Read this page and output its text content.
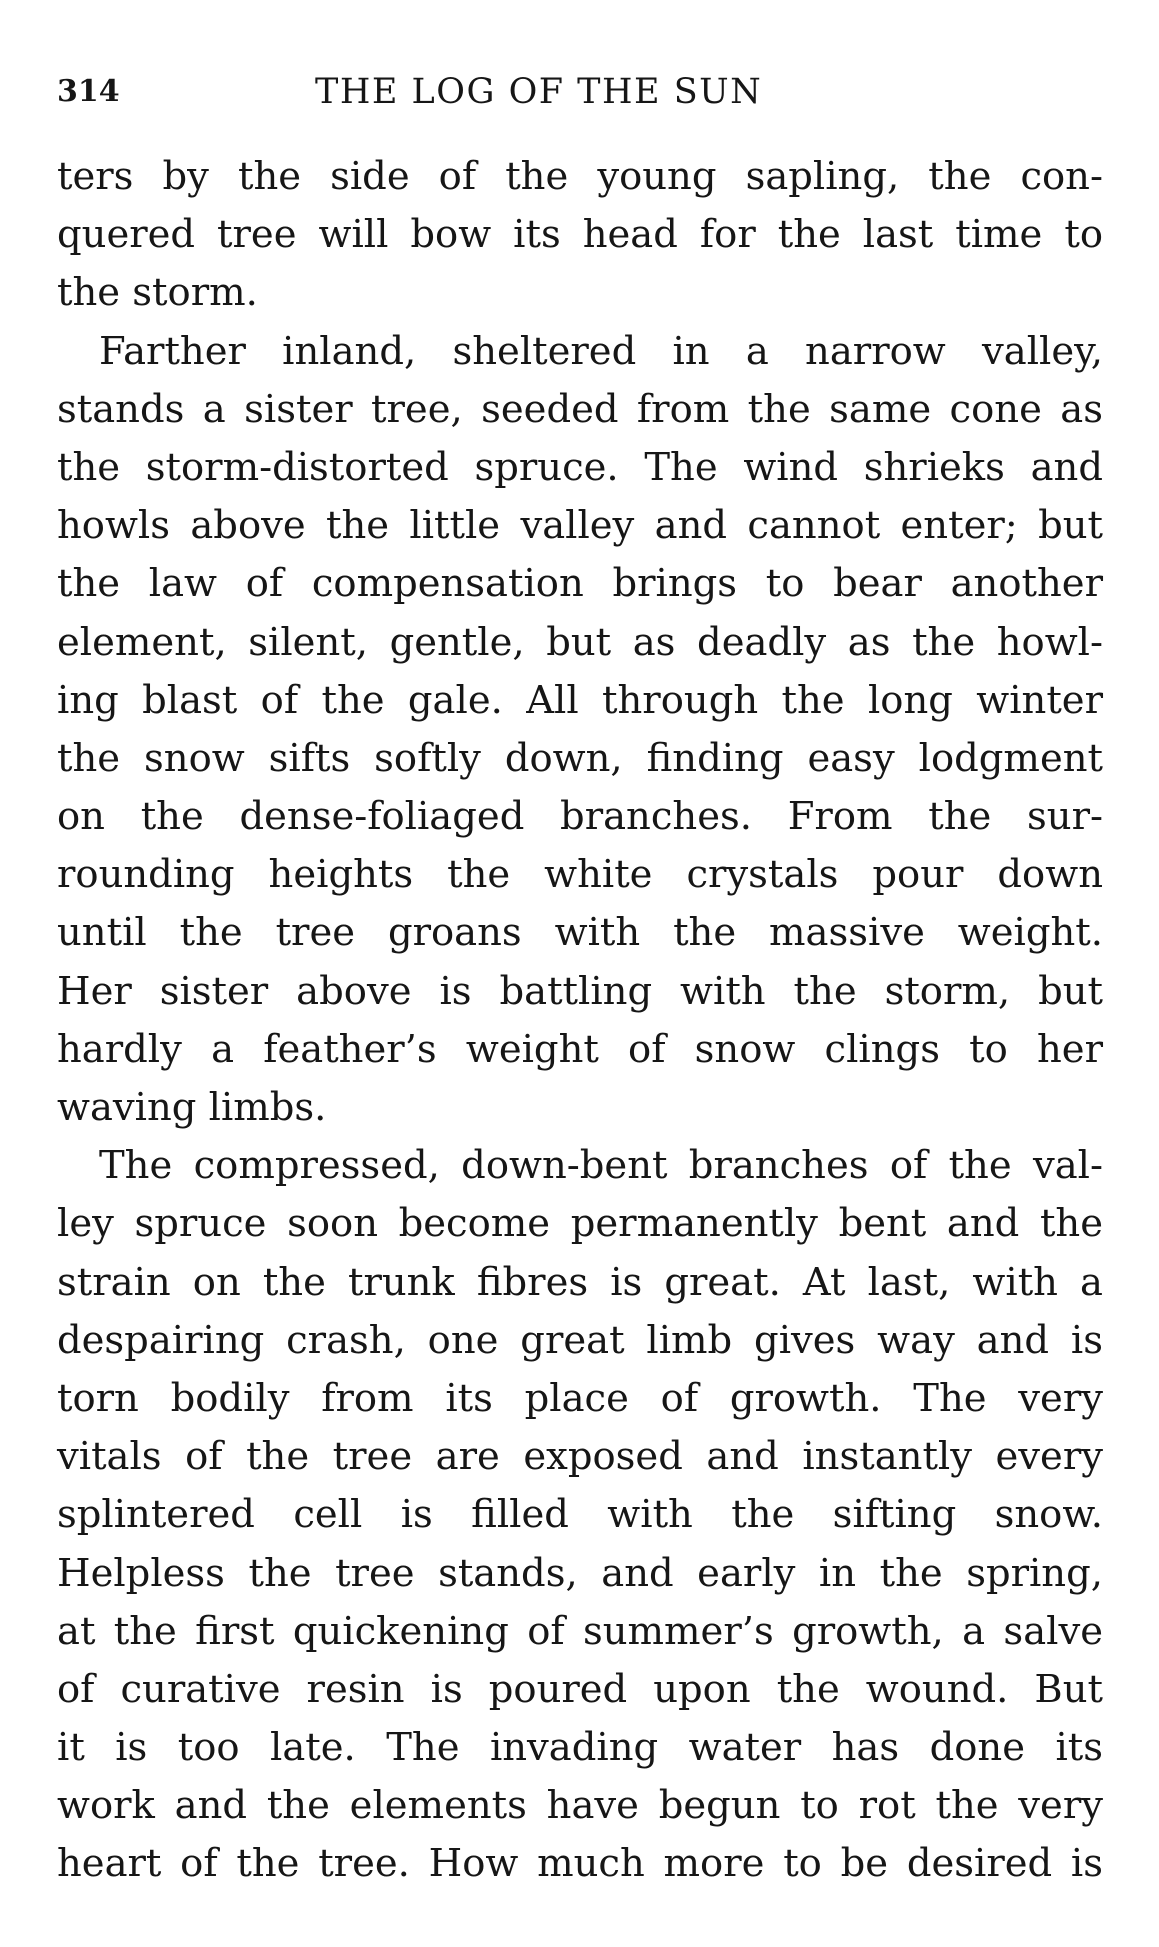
314	THE LOG OF THE SUN
ters by the side of the young sapling, the con-
quered tree will bow its head for the last time to
the storm.
Farther inland, sheltered in a narrow valley,
stands a sister tree, seeded from the same cone as
the storm-distorted spruce. The wind shrieks and
howls above the little valley and cannot enter; but
the law of compensation brings to bear another
element, silent, gentle, but as deadly as the howl-
ing blast of the gale. All through the long winter
the snow sifts softly down, finding easy lodgment
on the dense-foliaged branches. From the sur-
rounding heights the white crystals pour down
until the tree groans with the massive weight.
Her sister above is battling with the storm, but
hardly a feather’s weight of snow clings to her
waving limbs.
The compressed, down-bent branches of the val-
ley spruce soon become permanently bent and the
strain on the trunk fibres is great. At last, with a
despairing crash, one great limb gives way and is
torn bodily from its place of growth. The very
vitals of the tree are exposed and instantly every
splintered cell is filled with the sifting snow.
Helpless the tree stands, and early in the spring,
at the first quickening of summer’s growth, a salve
of curative resin is poured upon the wound. But
it is too late. The invading water has done its
work and the elements have begun to rot the very
heart of the tree. How much more to be desired is
